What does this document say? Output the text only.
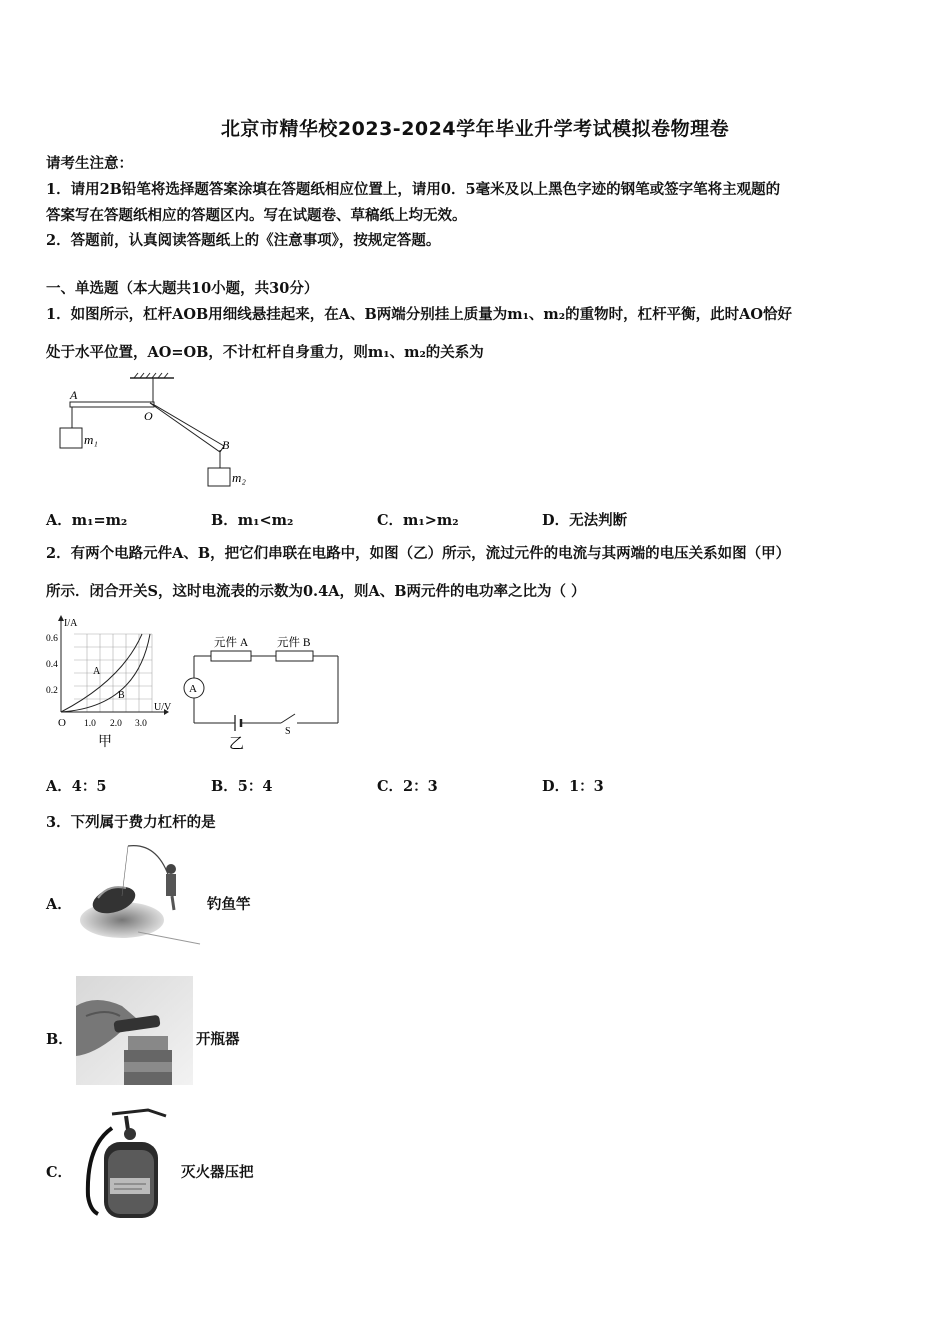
北京市精华校2023-2024学年毕业升学考试模拟卷物理卷
请考生注意：
1．请用2B铅笔将选择题答案涂填在答题纸相应位置上，请用0．5毫米及以上黑色字迹的钢笔或签字笔将主观题的
答案写在答题纸相应的答题区内。写在试题卷、草稿纸上均无效。
2．答题前，认真阅读答题纸上的《注意事项》，按规定答题。
一、单选题（本大题共10小题，共30分）
1．如图所示，杠杆AOB用细线悬挂起来，在A、B两端分别挂上质量为m₁、m₂的重物时，杠杆平衡，此时AO恰好
处于水平位置，AO=OB，不计杠杆自身重力，则m₁、m₂的关系为
A
O
B
m₁
m₂
A．m₁=m₂	B．m₁<m₂	C．m₁>m₂	D．无法判断
2．有两个电路元件A、B，把它们串联在电路中，如图（乙）所示，流过元件的电流与其两端的电压关系如图（甲）
所示．闭合开关S，这时电流表的示数为0.4A，则A、B两元件的电功率之比为（ ）
I/A
U/V
O
0.6
0.4
0.2
1.0 2.0 3.0
A
B
甲
元件 A	元件 B
A
S
乙
A．4：5	B．5：4	C．2：3	D．1：3
3．下列属于费力杠杆的是
A．	钓鱼竿
B．	开瓶器
C．	灭火器压把
